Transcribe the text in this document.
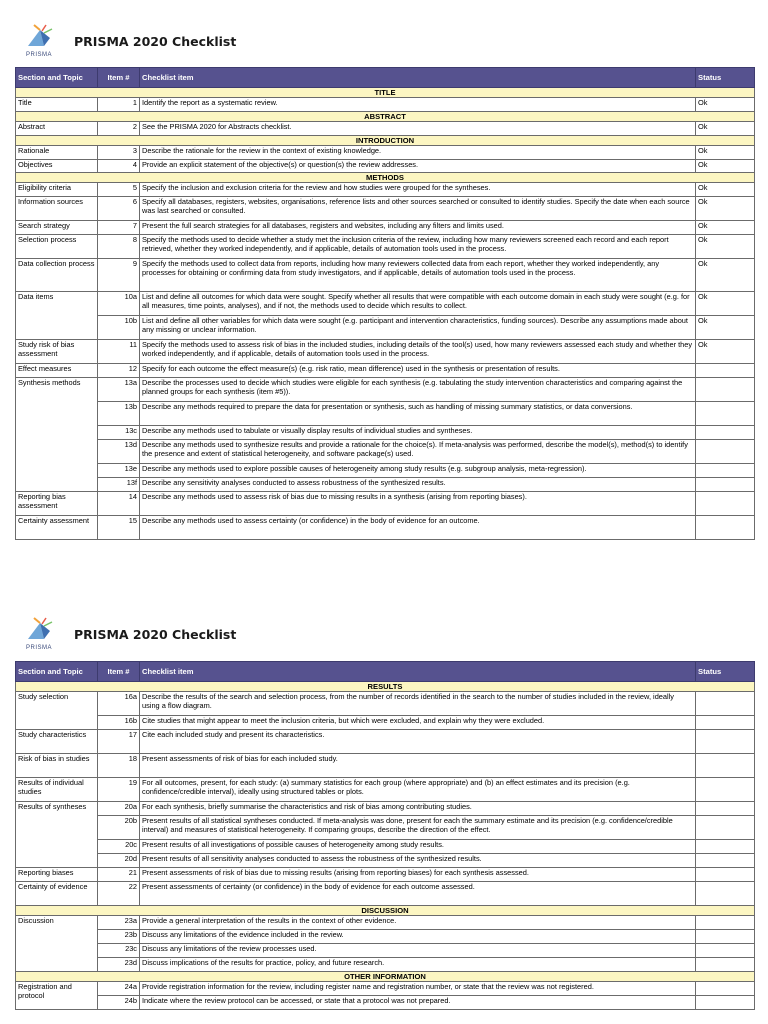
PRISMA
PRISMA 2020 Checklist
Section and Topic	Item #	Checklist item	Status
TITLE			
Title	1	Identify the report as a systematic review.	Ok
ABSTRACT			
Abstract	2	See the PRISMA 2020 for Abstracts checklist.	Ok
INTRODUCTION			
Rationale	3	Describe the rationale for the review in the context of existing knowledge.	Ok
Objectives	4	Provide an explicit statement of the objective(s) or question(s) the review addresses.	Ok
METHODS			
Eligibility criteria	5	Specify the inclusion and exclusion criteria for the review and how studies were grouped for the syntheses.	Ok
Information sources	6	Specify all databases, registers, websites, organisations, reference lists and other sources searched or consulted to identify studies. Specify the date when each source was last searched or consulted.	Ok
Search strategy	7	Present the full search strategies for all databases, registers and websites, including any filters and limits used.	Ok
Selection process	8	Specify the methods used to decide whether a study met the inclusion criteria of the review, including how many reviewers screened each record and each report retrieved, whether they worked independently, and if applicable, details of automation tools used in the process.	Ok
Data collection process	9	Specify the methods used to collect data from reports, including how many reviewers collected data from each report, whether they worked independently, any processes for obtaining or confirming data from study investigators, and if applicable, details of automation tools used in the process.	Ok
Data items	10a	List and define all outcomes for which data were sought. Specify whether all results that were compatible with each outcome domain in each study were sought (e.g. for all measures, time points, analyses), and if not, the methods used to decide which results to collect.	Ok
	10b	List and define all other variables for which data were sought (e.g. participant and intervention characteristics, funding sources). Describe any assumptions made about any missing or unclear information.	Ok
Study risk of bias assessment	11	Specify the methods used to assess risk of bias in the included studies, including details of the tool(s) used, how many reviewers assessed each study and whether they worked independently, and if applicable, details of automation tools used in the process.	Ok
Effect measures	12	Specify for each outcome the effect measure(s) (e.g. risk ratio, mean difference) used in the synthesis or presentation of results.	
Synthesis methods	13a	Describe the processes used to decide which studies were eligible for each synthesis (e.g. tabulating the study intervention characteristics and comparing against the planned groups for each synthesis (item #5)).	
	13b	Describe any methods required to prepare the data for presentation or synthesis, such as handling of missing summary statistics, or data conversions.	
	13c	Describe any methods used to tabulate or visually display results of individual studies and syntheses.	
	13d	Describe any methods used to synthesize results and provide a rationale for the choice(s). If meta-analysis was performed, describe the model(s), method(s) to identify the presence and extent of statistical heterogeneity, and software package(s) used.	
	13e	Describe any methods used to explore possible causes of heterogeneity among study results (e.g. subgroup analysis, meta-regression).	
	13f	Describe any sensitivity analyses conducted to assess robustness of the synthesized results.	
Reporting bias assessment	14	Describe any methods used to assess risk of bias due to missing results in a synthesis (arising from reporting biases).	
Certainty assessment	15	Describe any methods used to assess certainty (or confidence) in the body of evidence for an outcome.	
PRISMA
PRISMA 2020 Checklist
Section and Topic	Item #	Checklist item	Status
RESULTS			
Study selection	16a	Describe the results of the search and selection process, from the number of records identified in the search to the number of studies included in the review, ideally using a flow diagram.	
	16b	Cite studies that might appear to meet the inclusion criteria, but which were excluded, and explain why they were excluded.	
Study characteristics	17	Cite each included study and present its characteristics.	
Risk of bias in studies	18	Present assessments of risk of bias for each included study.	
Results of individual studies	19	For all outcomes, present, for each study: (a) summary statistics for each group (where appropriate) and (b) an effect estimates and its precision (e.g. confidence/credible interval), ideally using structured tables or plots.	
Results of syntheses	20a	For each synthesis, briefly summarise the characteristics and risk of bias among contributing studies.	
	20b	Present results of all statistical syntheses conducted. If meta-analysis was done, present for each the summary estimate and its precision (e.g. confidence/credible interval) and measures of statistical heterogeneity. If comparing groups, describe the direction of the effect.	
	20c	Present results of all investigations of possible causes of heterogeneity among study results.	
	20d	Present results of all sensitivity analyses conducted to assess the robustness of the synthesized results.	
Reporting biases	21	Present assessments of risk of bias due to missing results (arising from reporting biases) for each synthesis assessed.	
Certainty of evidence	22	Present assessments of certainty (or confidence) in the body of evidence for each outcome assessed.	
DISCUSSION			
Discussion	23a	Provide a general interpretation of the results in the context of other evidence.	
	23b	Discuss any limitations of the evidence included in the review.	
	23c	Discuss any limitations of the review processes used.	
	23d	Discuss implications of the results for practice, policy, and future research.	
OTHER INFORMATION			
Registration and protocol	24a	Provide registration information for the review, including register name and registration number, or state that the review was not registered.	
	24b	Indicate where the review protocol can be accessed, or state that a protocol was not prepared.	
